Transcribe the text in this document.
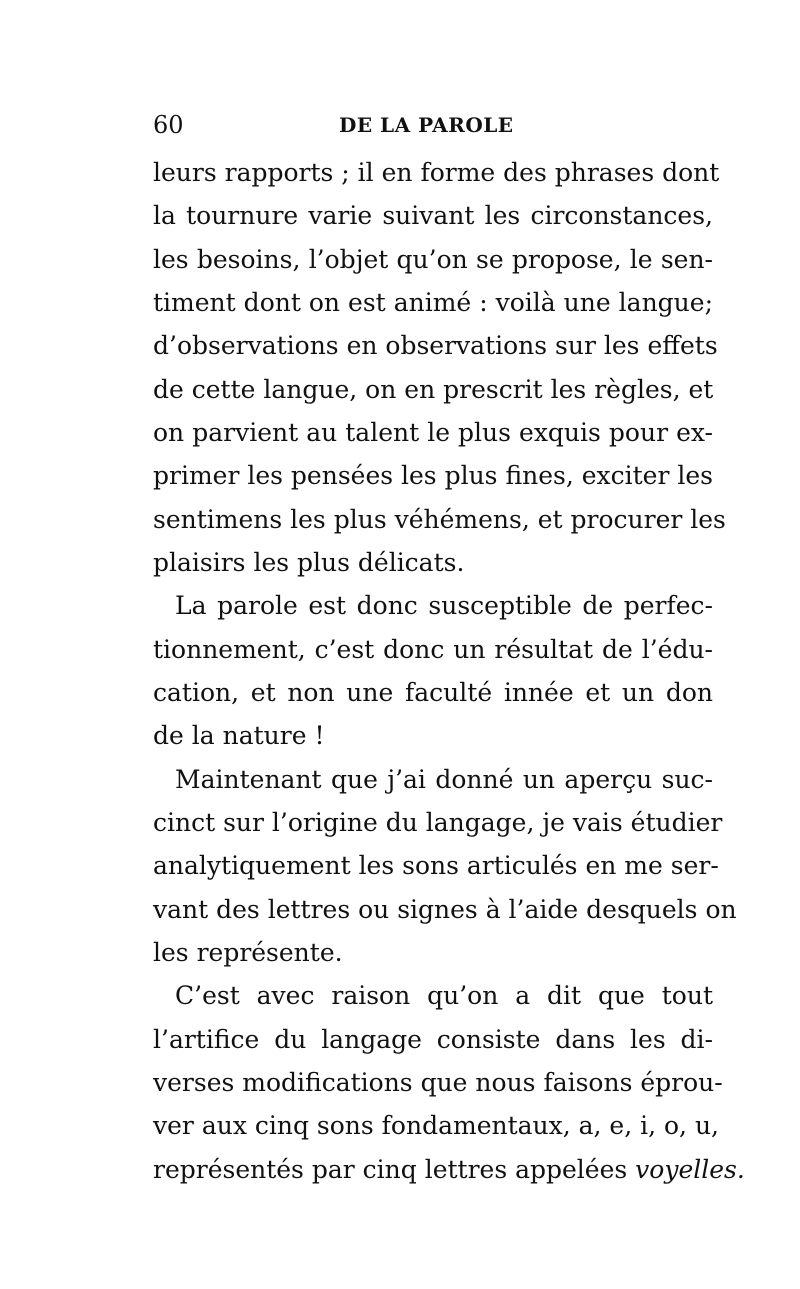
60	DE LA PAROLE
leurs rapports ; il en forme des phrases dont
la tournure varie suivant les circonstances,
les besoins, l’objet qu’on se propose, le sen-
timent dont on est animé : voilà une langue;
d’observations en observations sur les effets
de cette langue, on en prescrit les règles, et
on parvient au talent le plus exquis pour ex-
primer les pensées les plus fines, exciter les
sentimens les plus véhémens, et procurer les
plaisirs les plus délicats.
La parole est donc susceptible de perfec-
tionnement, c’est donc un résultat de l’édu-
cation, et non une faculté innée et un don
de la nature !
Maintenant que j’ai donné un aperçu suc-
cinct sur l’origine du langage, je vais étudier
analytiquement les sons articulés en me ser-
vant des lettres ou signes à l’aide desquels on
les représente.
C’est avec raison qu’on a dit que tout
l’artifice du langage consiste dans les di-
verses modifications que nous faisons éprou-
ver aux cinq sons fondamentaux, a, e, i, o, u,
représentés par cinq lettres appelées voyelles.
